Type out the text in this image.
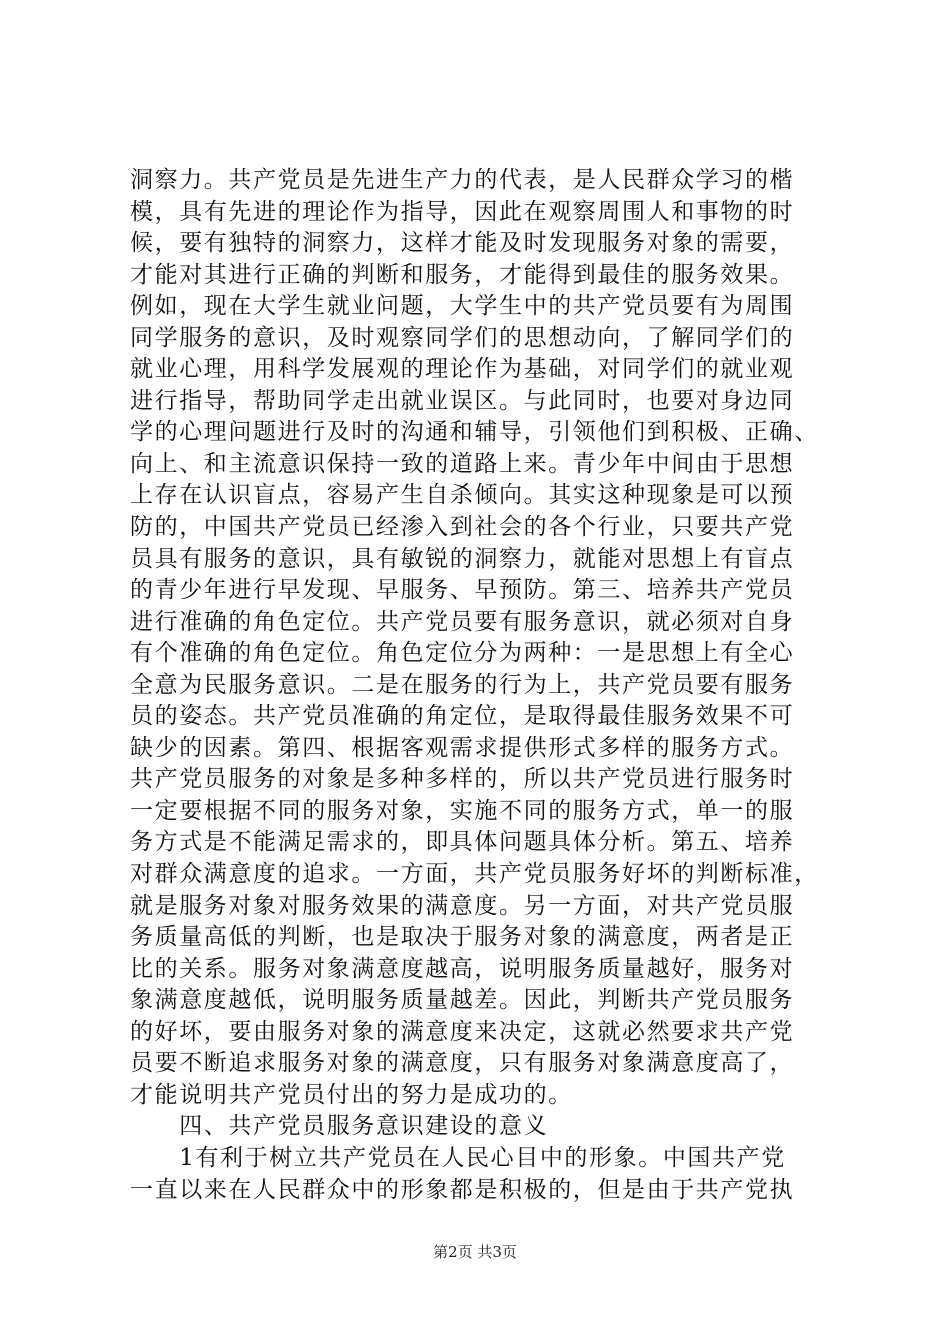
洞察力。共产党员是先进生产力的代表，是人民群众学习的楷
模，具有先进的理论作为指导，因此在观察周围人和事物的时
候，要有独特的洞察力，这样才能及时发现服务对象的需要，
才能对其进行正确的判断和服务，才能得到最佳的服务效果。
例如，现在大学生就业问题，大学生中的共产党员要有为周围
同学服务的意识，及时观察同学们的思想动向，了解同学们的
就业心理，用科学发展观的理论作为基础，对同学们的就业观
进行指导，帮助同学走出就业误区。与此同时，也要对身边同
学的心理问题进行及时的沟通和辅导，引领他们到积极、正确、
向上、和主流意识保持一致的道路上来。青少年中间由于思想
上存在认识盲点，容易产生自杀倾向。其实这种现象是可以预
防的，中国共产党员已经渗入到社会的各个行业，只要共产党
员具有服务的意识，具有敏锐的洞察力，就能对思想上有盲点
的青少年进行早发现、早服务、早预防。第三、培养共产党员
进行准确的角色定位。共产党员要有服务意识，就必须对自身
有个准确的角色定位。角色定位分为两种：一是思想上有全心
全意为民服务意识。二是在服务的行为上，共产党员要有服务
员的姿态。共产党员准确的角定位，是取得最佳服务效果不可
缺少的因素。第四、根据客观需求提供形式多样的服务方式。
共产党员服务的对象是多种多样的，所以共产党员进行服务时
一定要根据不同的服务对象，实施不同的服务方式，单一的服
务方式是不能满足需求的，即具体问题具体分析。第五、培养
对群众满意度的追求。一方面，共产党员服务好坏的判断标准，
就是服务对象对服务效果的满意度。另一方面，对共产党员服
务质量高低的判断，也是取决于服务对象的满意度，两者是正
比的关系。服务对象满意度越高，说明服务质量越好，服务对
象满意度越低，说明服务质量越差。因此，判断共产党员服务
的好坏，要由服务对象的满意度来决定，这就必然要求共产党
员要不断追求服务对象的满意度，只有服务对象满意度高了，
才能说明共产党员付出的努力是成功的。
　　四、共产党员服务意识建设的意义
　　1有利于树立共产党员在人民心目中的形象。中国共产党
一直以来在人民群众中的形象都是积极的，但是由于共产党执
第2页 共3页
